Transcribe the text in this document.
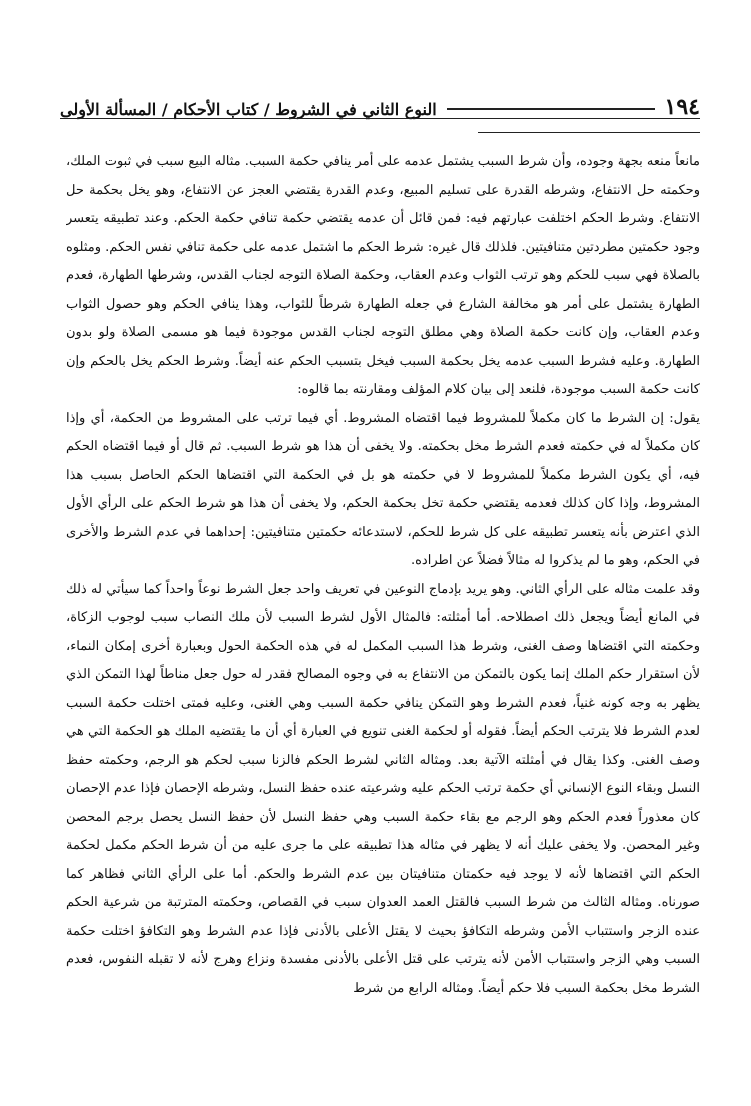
١٩٤
النوع الثاني في الشروط / كتاب الأحكام / المسألة الأولى

مانعاً منعه بجهة وجوده، وأن شرط السبب يشتمل عدمه على أمر ينافي حكمة السبب. مثاله البيع سبب في ثبوت الملك، وحكمته حل الانتفاع، وشرطه القدرة على تسليم المبيع، وعدم القدرة يقتضي العجز عن الانتفاع، وهو يخل بحكمة حل الانتفاع. وشرط الحكم اختلفت عبارتهم فيه: فمن قائل أن عدمه يقتضي حكمة تنافي حكمة الحكم. وعند تطبيقه يتعسر وجود حكمتين مطردتين متنافيتين. فلذلك قال غيره: شرط الحكم ما اشتمل عدمه على حكمة تنافي نفس الحكم. ومثلوه بالصلاة فهي سبب للحكم وهو ترتب الثواب وعدم العقاب، وحكمة الصلاة التوجه لجناب القدس، وشرطها الطهارة، فعدم الطهارة يشتمل على أمر هو مخالفة الشارع في جعله الطهارة شرطاً للثواب، وهذا ينافي الحكم وهو حصول الثواب وعدم العقاب، وإن كانت حكمة الصلاة وهي مطلق التوجه لجناب القدس موجودة فيما هو مسمى الصلاة ولو بدون الطهارة. وعليه فشرط السبب عدمه يخل بحكمة السبب فيخل بتسبب الحكم عنه أيضاً. وشرط الحكم يخل بالحكم وإن كانت حكمة السبب موجودة، فلنعد إلى بيان كلام المؤلف ومقارنته بما قالوه:

يقول: إن الشرط ما كان مكملاً للمشروط فيما اقتضاه المشروط. أي فيما ترتب على المشروط من الحكمة، أي وإذا كان مكملاً له في حكمته فعدم الشرط مخل بحكمته. ولا يخفى أن هذا هو شرط السبب. ثم قال أو فيما اقتضاه الحكم فيه، أي يكون الشرط مكملاً للمشروط لا في حكمته هو بل في الحكمة التي اقتضاها الحكم الحاصل بسبب هذا المشروط، وإذا كان كذلك فعدمه يقتضي حكمة تخل بحكمة الحكم، ولا يخفى أن هذا هو شرط الحكم على الرأي الأول الذي اعترض بأنه يتعسر تطبيقه على كل شرط للحكم، لاستدعائه حكمتين متنافيتين: إحداهما في عدم الشرط والأخرى في الحكم، وهو ما لم يذكروا له مثالاً فضلاً عن اطراده.

وقد علمت مثاله على الرأي الثاني. وهو يريد بإدماج النوعين في تعريف واحد جعل الشرط نوعاً واحداً كما سيأتي له ذلك في المانع أيضاً ويجعل ذلك اصطلاحه. أما أمثلته: فالمثال الأول لشرط السبب لأن ملك النصاب سبب لوجوب الزكاة، وحكمته التي اقتضاها وصف الغنى، وشرط هذا السبب المكمل له في هذه الحكمة الحول وبعبارة أخرى إمكان النماء، لأن استقرار حكم الملك إنما يكون بالتمكن من الانتفاع به في وجوه المصالح فقدر له حول جعل مناطاً لهذا التمكن الذي يظهر به وجه كونه غنياً، فعدم الشرط وهو التمكن ينافي حكمة السبب وهي الغنى، وعليه فمتى اختلت حكمة السبب لعدم الشرط فلا يترتب الحكم أيضاً. فقوله أو لحكمة الغنى تنويع في العبارة أي أن ما يقتضيه الملك هو الحكمة التي هي وصف الغنى. وكذا يقال في أمثلته الآتية بعد. ومثاله الثاني لشرط الحكم فالزنا سبب لحكم هو الرجم، وحكمته حفظ النسل وبقاء النوع الإنساني أي حكمة ترتب الحكم عليه وشرعيته عنده حفظ النسل، وشرطه الإحصان فإذا عدم الإحصان كان معذوراً فعدم الحكم وهو الرجم مع بقاء حكمة السبب وهي حفظ النسل لأن حفظ النسل يحصل برجم المحصن وغير المحصن. ولا يخفى عليك أنه لا يظهر في مثاله هذا تطبيقه على ما جرى عليه من أن شرط الحكم مكمل لحكمة الحكم التي اقتضاها لأنه لا يوجد فيه حكمتان متنافيتان بين عدم الشرط والحكم. أما على الرأي الثاني فظاهر كما صورناه. ومثاله الثالث من شرط السبب فالقتل العمد العدوان سبب في القصاص، وحكمته المترتبة من شرعية الحكم عنده الزجر واستتباب الأمن وشرطه التكافؤ بحيث لا يقتل الأعلى بالأدنى فإذا عدم الشرط وهو التكافؤ اختلت حكمة السبب وهي الزجر واستتباب الأمن لأنه يترتب على قتل الأعلى بالأدنى مفسدة ونزاع وهرج لأنه لا تقبله النفوس، فعدم الشرط مخل بحكمة السبب فلا حكم أيضاً. ومثاله الرابع من شرط
